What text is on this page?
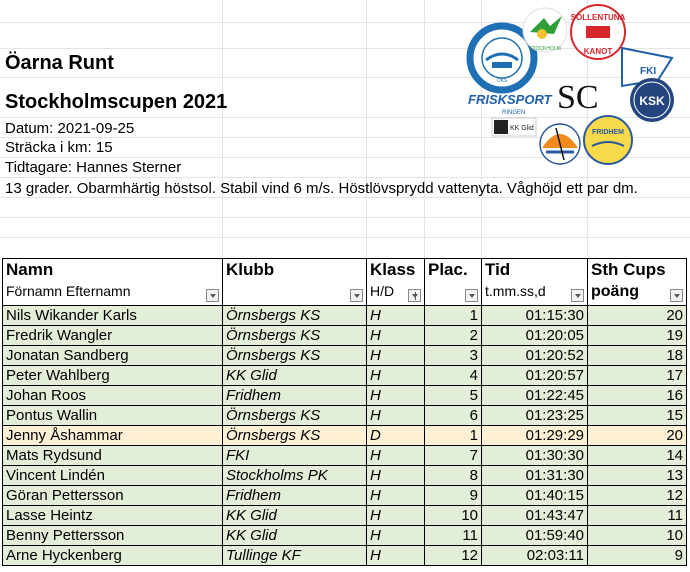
Öarna Runt
Stockholmscupen 2021
Datum: 2021-09-25
Sträcka i km: 15
Tidtagare: Hannes Sterner
13 grader. Obarmhärtig höstsol. Stabil vind 6 m/s. Höstlövsprydd vattenyta. Våghöjd ett par dm.
ÖKS
STOCKHOLM
SOLLENTUNA
KANOT
FKI
SC	KSK
FRISKSPORT
RINGEN
KK Glid
FRIDHEM
Namn	Klubb	Klass	Plac.	Tid	Sth Cups
Förnamn Efternamn		H/D		t.mm.ss,d	poäng

Nils Wikander Karls	Örnsbergs KS	H	1	01:15:30	20
Fredrik Wangler	Örnsbergs KS	H	2	01:20:05	19
Jonatan Sandberg	Örnsbergs KS	H	3	01:20:52	18
Peter Wahlberg	KK Glid	H	4	01:20:57	17
Johan Roos	Fridhem	H	5	01:22:45	16
Pontus Wallin	Örnsbergs KS	H	6	01:23:25	15
Jenny Åshammar	Örnsbergs KS	D	1	01:29:29	20
Mats Rydsund	FKI	H	7	01:30:30	14
Vincent Lindén	Stockholms PK	H	8	01:31:30	13
Göran Pettersson	Fridhem	H	9	01:40:15	12
Lasse Heintz	KK Glid	H	10	01:43:47	11
Benny Pettersson	KK Glid	H	11	01:59:40	10
Arne Hyckenberg	Tullinge KF	H	12	02:03:11	9
